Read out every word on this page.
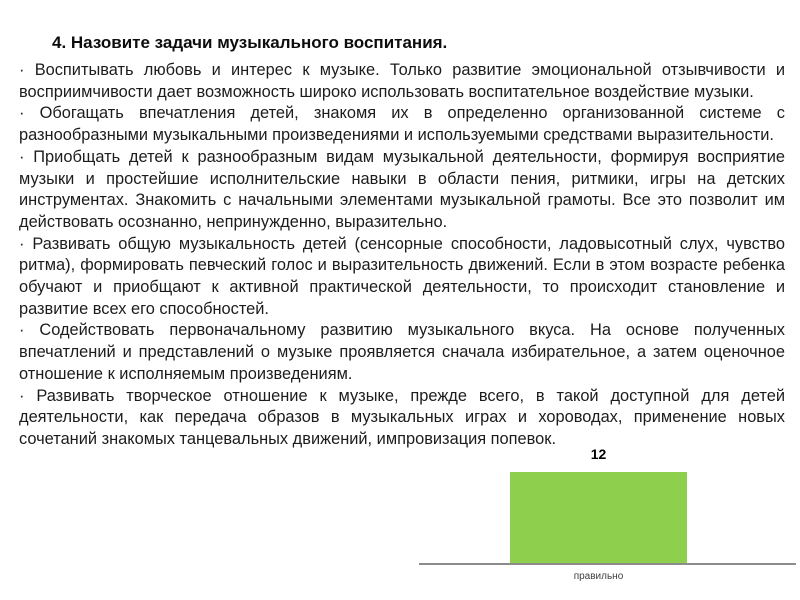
4. Назовите задачи музыкального воспитания.

· Воспитывать любовь и интерес к музыке. Только развитие эмоциональной отзывчивости и восприимчивости дает возможность широко использовать воспитательное воздействие музыки.

· Обогащать впечатления детей, знакомя их в определенно организованной системе с разнообразными музыкальными произведениями и используемыми средствами выразительности.

· Приобщать детей к разнообразным видам музыкальной деятельности, формируя восприятие музыки и простейшие исполнительские навыки в области пения, ритмики, игры на детских инструментах. Знакомить с начальными элементами музыкальной грамоты. Все это позволит им действовать осознанно, непринужденно, выразительно.

· Развивать общую музыкальность детей (сенсорные способности, ладовысотный слух, чувство ритма), формировать певческий голос и выразительность движений. Если в этом возрасте ребенка обучают и приобщают к активной практической деятельности, то происходит становление и развитие всех его способностей.

· Содействовать первоначальному развитию музыкального вкуса. На основе полученных впечатлений и представлений о музыке проявляется сначала избирательное, а затем оценочное отношение к исполняемым произведениям.

· Развивать творческое отношение к музыке, прежде всего, в такой доступной для детей деятельности, как передача образов в музыкальных играх и хороводах, применение новых сочетаний знакомых танцевальных движений, импровизация попевок.

12
правильно
